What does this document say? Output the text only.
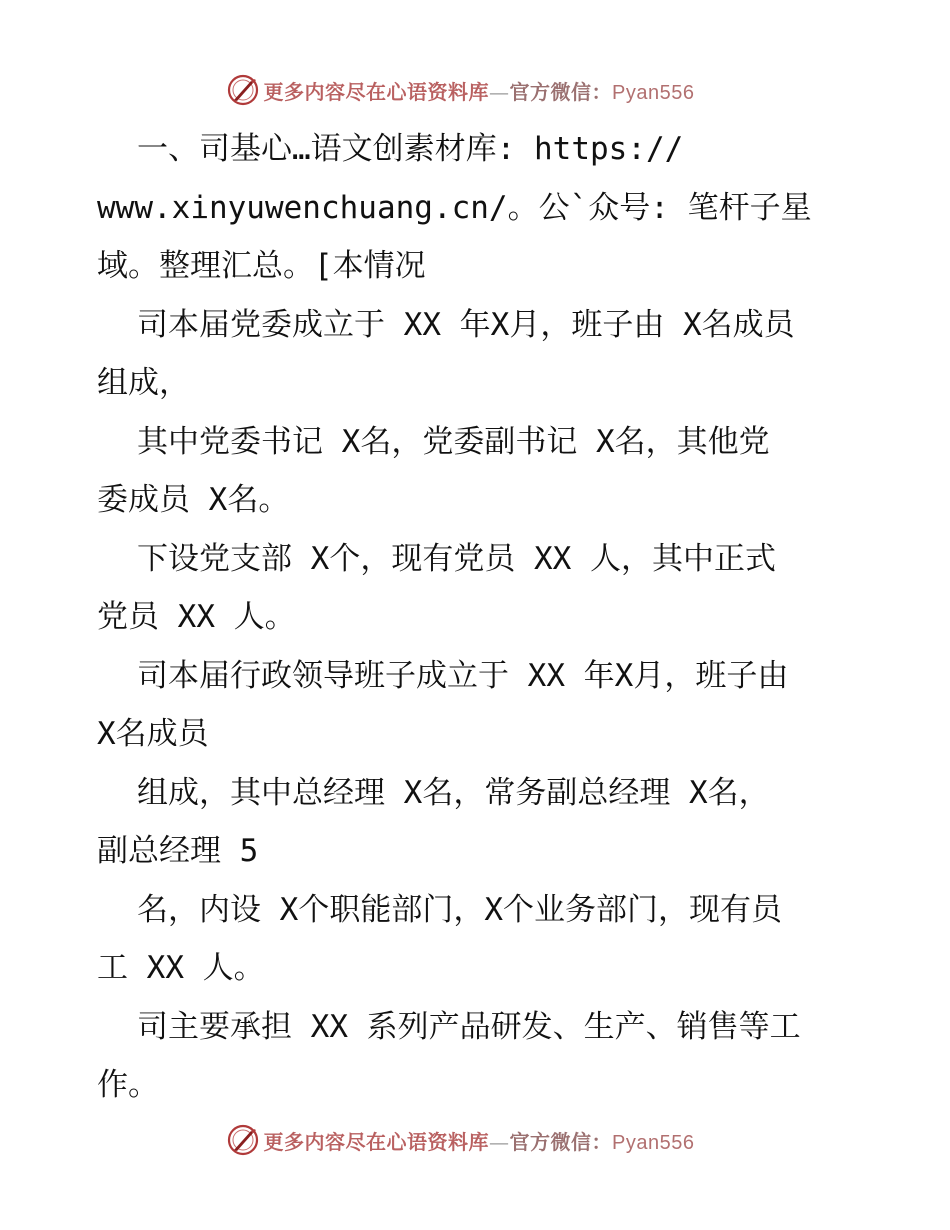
更多内容尽在心语资料库—官方微信：Pyan556
一、司基心…语文创素材库: https://
www.xinyuwenchuang.cn/。公`众号: 笔杆子星
域。整理汇总。[本情况
司本届党委成立于 XX 年X月，班子由 X名成员
组成，
其中党委书记 X名，党委副书记 X名，其他党
委成员 X名。
下设党支部 X个，现有党员 XX 人，其中正式
党员 XX 人。
司本届行政领导班子成立于 XX 年X月，班子由
X名成员
组成，其中总经理 X名，常务副总经理 X名，
副总经理 5
名，内设 X个职能部门，X个业务部门，现有员
工 XX 人。
司主要承担 XX 系列产品研发、生产、销售等工
作。
更多内容尽在心语资料库—官方微信：Pyan556
